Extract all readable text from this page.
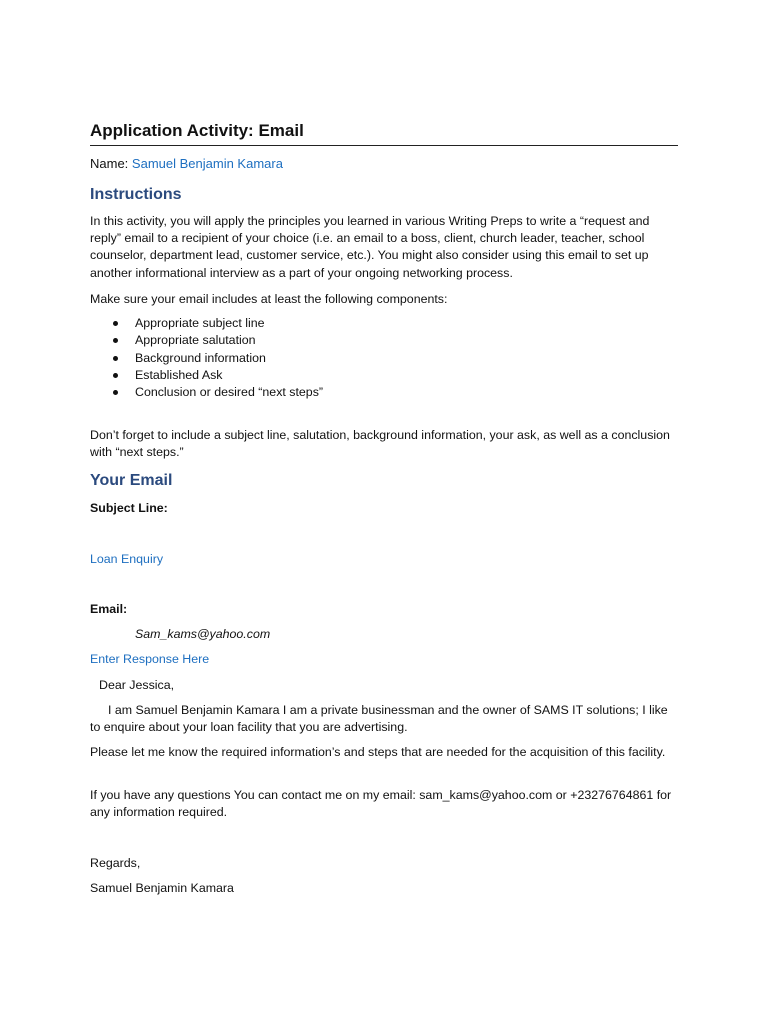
Application Activity: Email

Name: Samuel Benjamin Kamara

Instructions

In this activity, you will apply the principles you learned in various Writing Preps to write a “request and reply” email to a recipient of your choice (i.e. an email to a boss, client, church leader, teacher, school counselor, department lead, customer service, etc.). You might also consider using this email to set up another informational interview as a part of your ongoing networking process.

Make sure your email includes at least the following components:

Appropriate subject line
Appropriate salutation
Background information
Established Ask
Conclusion or desired “next steps”

Don’t forget to include a subject line, salutation, background information, your ask, as well as a conclusion with “next steps.”

Your Email

Subject Line:

Loan Enquiry

Email:

Sam_kams@yahoo.com

Enter Response Here

Dear Jessica,

I am Samuel Benjamin Kamara I am a private businessman and the owner of SAMS IT solutions; I like to enquire about your loan facility that you are advertising.

Please let me know the required information’s and steps that are needed for the acquisition of this facility.

If you have any questions You can contact me on my email: sam_kams@yahoo.com or +23276764861 for any information required.

Regards,

Samuel Benjamin Kamara
